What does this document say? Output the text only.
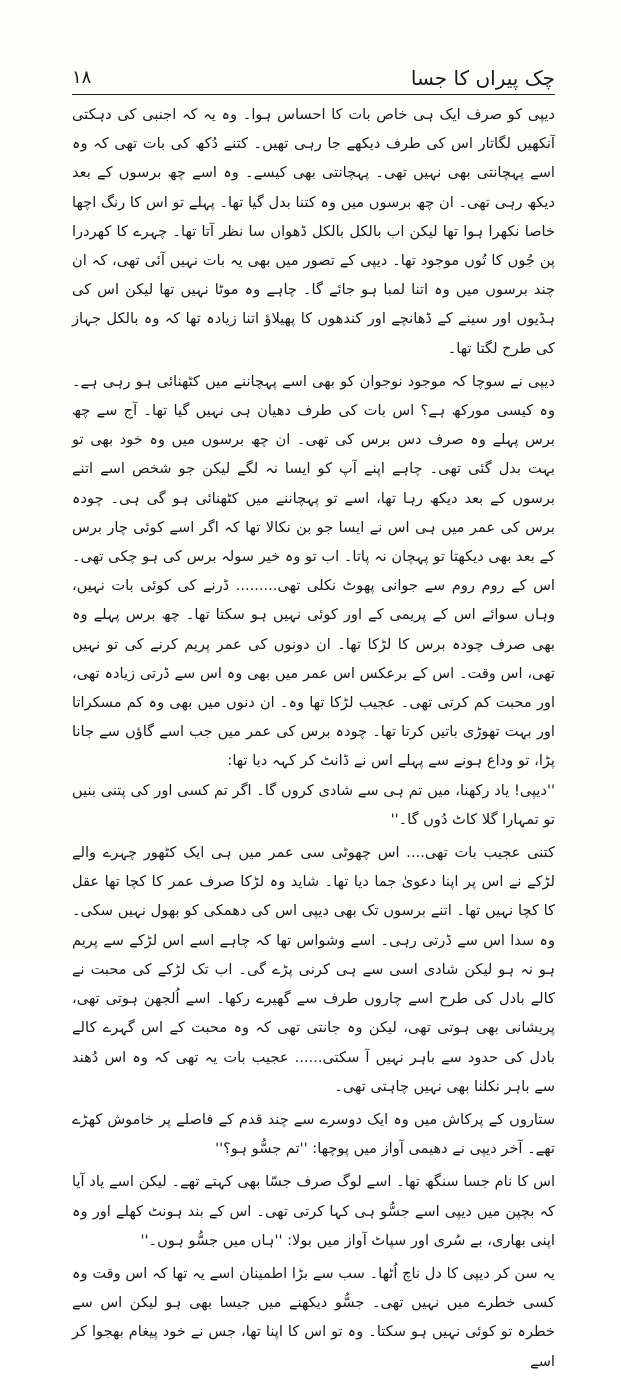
چک پیراں کا جسا
۱۸

دیپی کو صرف ایک ہی خاص بات کا احساس ہوا۔ وہ یہ کہ اجنبی کی دہکتی آنکھیں لگاتار اس کی طرف دیکھے جا رہی تھیں۔ کتنے دُکھ کی بات تھی کہ وہ اسے پہچانتی بھی نہیں تھی۔ پہچانتی بھی کیسے۔ وہ اسے چھ برسوں کے بعد دیکھ رہی تھی۔ ان چھ برسوں میں وہ کتنا بدل گیا تھا۔ پہلے تو اس کا رنگ اچھا خاصا نکھرا ہوا تھا لیکن اب بالکل بالکل ڈھواں سا نظر آتا تھا۔ چہرے کا کھردرا پن جُوں کا تُوں موجود تھا۔ دیپی کے تصور میں بھی یہ بات نہیں آئی تھی، کہ ان چند برسوں میں وہ اتنا لمبا ہو جائے گا۔ چاہے وہ موٹا نہیں تھا لیکن اس کی ہڈیوں اور سینے کے ڈھانچے اور کندھوں کا پھیلاؤ اتنا زیادہ تھا کہ وہ بالکل جہاز کی طرح لگتا تھا۔

دیپی نے سوچا کہ موجود نوجوان کو بھی اسے پہچاننے میں کٹھنائی ہو رہی ہے۔ وہ کیسی مورکھ ہے؟ اس بات کی طرف دھیان ہی نہیں گیا تھا۔ آج سے چھ برس پہلے وہ صرف دس برس کی تھی۔ ان چھ برسوں میں وہ خود بھی تو بہت بدل گئی تھی۔ چاہے اپنے آپ کو ایسا نہ لگے لیکن جو شخص اسے اتنے برسوں کے بعد دیکھ رہا تھا، اسے تو پہچاننے میں کٹھنائی ہو گی ہی۔ چودہ برس کی عمر میں ہی اس نے ایسا جو بن نکالا تھا کہ اگر اسے کوئی چار برس کے بعد بھی دیکھتا تو پہچان نہ پاتا۔ اب تو وہ خیر سولہ برس کی ہو چکی تھی۔ اس کے روم روم سے جوانی پھوٹ نکلی تھی......... ڈرنے کی کوئی بات نہیں، وہاں سوائے اس کے پریمی کے اور کوئی نہیں ہو سکتا تھا۔ چھ برس پہلے وہ بھی صرف چودہ برس کا لڑکا تھا۔ ان دونوں کی عمر پریم کرنے کی تو نہیں تھی، اس وقت۔ اس کے برعکس اس عمر میں بھی وہ اس سے ڈرتی زیادہ تھی، اور محبت کم کرتی تھی۔ عجیب لڑکا تھا وہ۔ ان دنوں میں بھی وہ کم مسکراتا اور بہت تھوڑی باتیں کرتا تھا۔ چودہ برس کی عمر میں جب اسے گاؤں سے جانا پڑا، تو وداع ہونے سے پہلے اس نے ڈانٹ کر کہہ دیا تھا:

''دیپی! یاد رکھنا، میں تم ہی سے شادی کروں گا۔ اگر تم کسی اور کی پتنی بنیں تو تمہارا گلا کاٹ دُوں گا۔''

کتنی عجیب بات تھی.... اس چھوٹی سی عمر میں ہی ایک کٹھور چہرے والے لڑکے نے اس پر اپنا دعویٰ جما دیا تھا۔ شاید وہ لڑکا صرف عمر کا کچا تھا عقل کا کچا نہیں تھا۔ اتنے برسوں تک بھی دیپی اس کی دھمکی کو بھول نہیں سکی۔ وہ سدا اس سے ڈرتی رہی۔ اسے وشواس تھا کہ چاہے اسے اس لڑکے سے پریم ہو نہ ہو لیکن شادی اسی سے ہی کرنی پڑے گی۔ اب تک لڑکے کی محبت نے کالے بادل کی طرح اسے چاروں طرف سے گھیرے رکھا۔ اسے اُلجھن ہوتی تھی، پریشانی بھی ہوتی تھی، لیکن وہ جانتی تھی کہ وہ محبت کے اس گہرے کالے بادل کی حدود سے باہر نہیں آ سکتی...... عجیب بات یہ تھی کہ وہ اس دُھند سے باہر نکلنا بھی نہیں چاہتی تھی۔

ستاروں کے پرکاش میں وہ ایک دوسرے سے چند قدم کے فاصلے پر خاموش کھڑے تھے۔ آخر دیپی نے دھیمی آواز میں پوچھا: ''تم جسُّو ہو؟''

اس کا نام جسا سنگھ تھا۔ اسے لوگ صرف جسّا بھی کہتے تھے۔ لیکن اسے یاد آیا کہ بچپن میں دیپی اسے جسُّو ہی کہا کرتی تھی۔ اس کے بند ہونٹ کھلے اور وہ اپنی بھاری، بے سُری اور سپاٹ آواز میں بولا: ''ہاں میں جسُّو ہوں۔''

یہ سن کر دیپی کا دل ناچ اُٹھا۔ سب سے بڑا اطمینان اسے یہ تھا کہ اس وقت وہ کسی خطرے میں نہیں تھی۔ جسُّو دیکھنے میں جیسا بھی ہو لیکن اس سے خطرہ تو کوئی نہیں ہو سکتا۔ وہ تو اس کا اپنا تھا، جس نے خود پیغام بھجوا کر اسے
